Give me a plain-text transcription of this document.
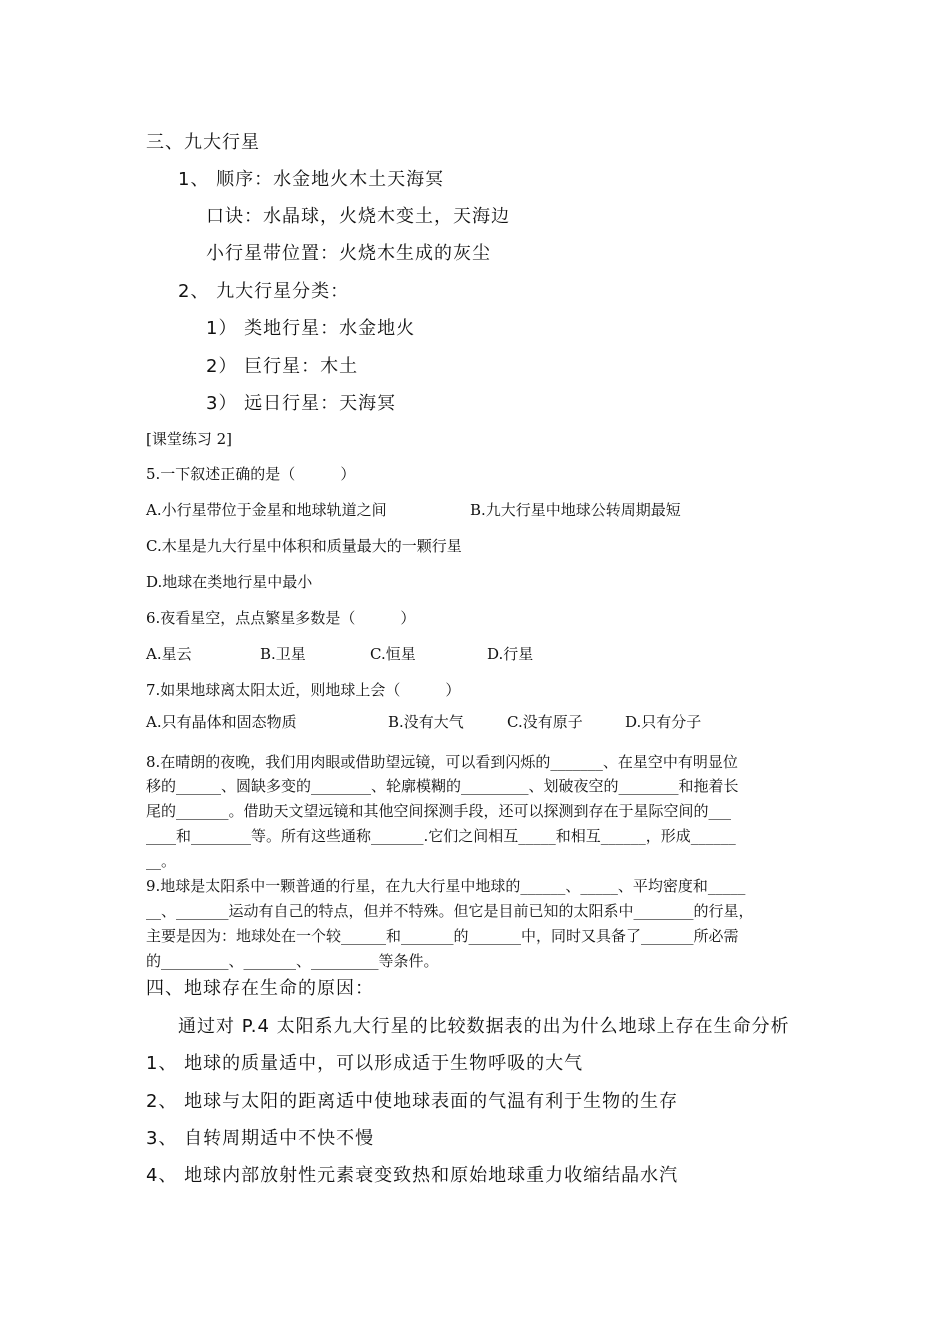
三、九大行星
1、 顺序：水金地火木土天海冥
口诀：水晶球，火烧木变土，天海边
小行星带位置：火烧木生成的灰尘
2、 九大行星分类：
1） 类地行星：水金地火
2） 巨行星：木土
3） 远日行星：天海冥
[课堂练习 2]
5.一下叙述正确的是（　　　）
A.小行星带位于金星和地球轨道之间	B.九大行星中地球公转周期最短
C.木星是九大行星中体积和质量最大的一颗行星
D.地球在类地行星中最小
6.夜看星空，点点繁星多数是（　　　）
A.星云	B.卫星	C.恒星	D.行星
7.如果地球离太阳太近，则地球上会（　　　）
A.只有晶体和固态物质	B.没有大气	C.没有原子	D.只有分子
8.在晴朗的夜晚，我们用肉眼或借助望远镜，可以看到闪烁的_______、在星空中有明显位
移的______、圆缺多变的________、轮廓模糊的_________、划破夜空的________和拖着长
尾的_______。借助天文望远镜和其他空间探测手段，还可以探测到存在于星际空间的___
____和________等。所有这些通称_______.它们之间相互_____和相互______，形成______
__。
9.地球是太阳系中一颗普通的行星，在九大行星中地球的______、_____、平均密度和_____
__、_______运动有自己的特点，但并不特殊。但它是目前已知的太阳系中________的行星，
主要是因为：地球处在一个较______和_______的_______中，同时又具备了_______所必需
的_________、_______、_________等条件。
四、地球存在生命的原因：
通过对 P.4 太阳系九大行星的比较数据表的出为什么地球上存在生命分析
1、 地球的质量适中，可以形成适于生物呼吸的大气
2、 地球与太阳的距离适中使地球表面的气温有利于生物的生存
3、 自转周期适中不快不慢
4、 地球内部放射性元素衰变致热和原始地球重力收缩结晶水汽
